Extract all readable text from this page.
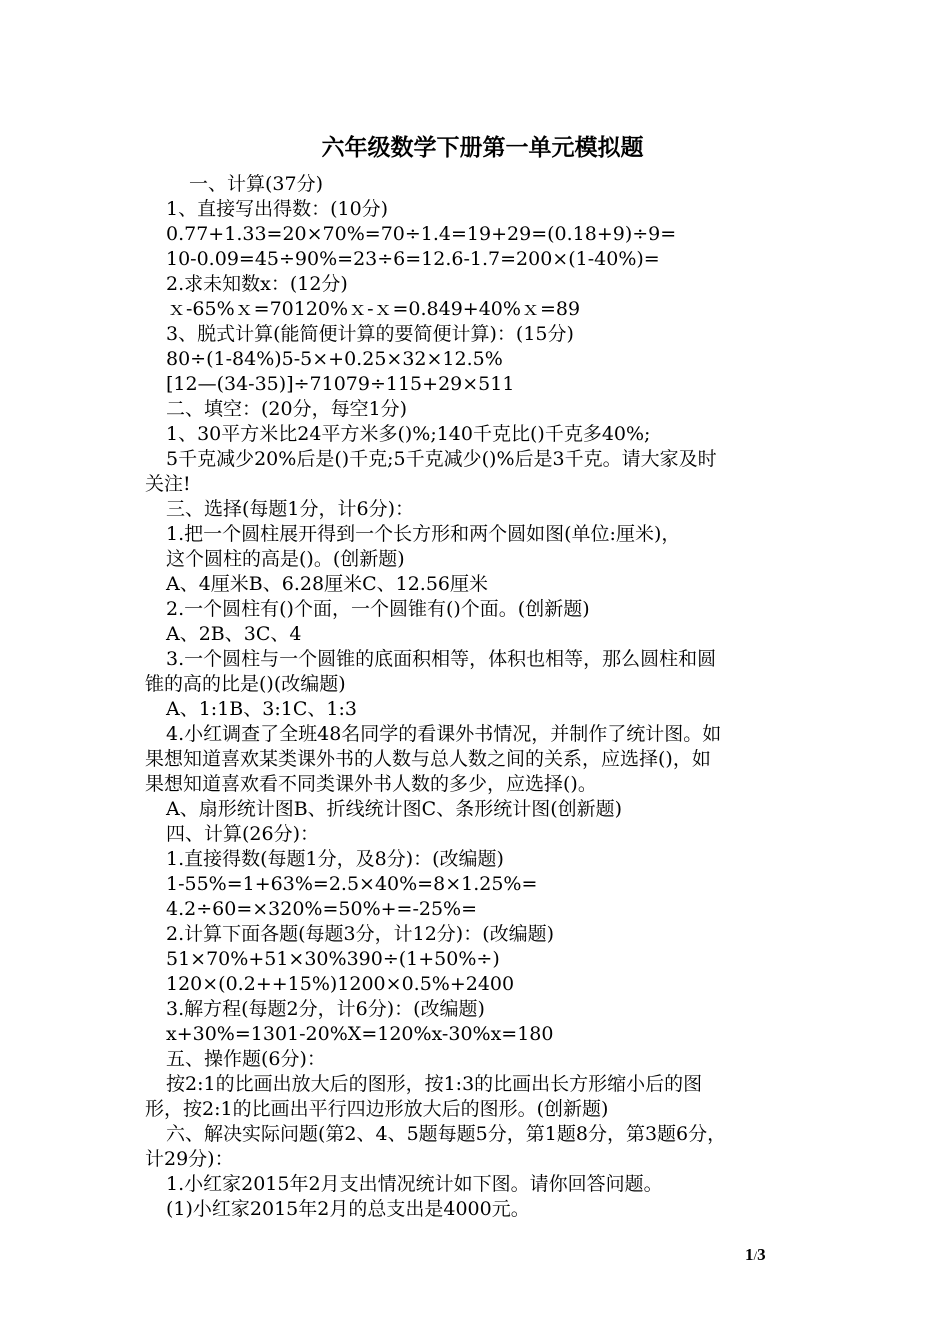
六年级数学下册第一单元模拟题

一、计算(37分)

1、直接写出得数：(10分)

0.77+1.33=20×70%=70÷1.4=19+29=(0.18+9)÷9=

10-0.09=45÷90%=23÷6=12.6-1.7=200×(1-40%)=

2.求未知数x：(12分)

ｘ-65%ｘ=70120%ｘ-ｘ=0.849+40%ｘ=89

3、脱式计算(能简便计算的要简便计算)：(15分)

80÷(1-84%)5-5×+0.25×32×12.5%

[12—(34-35)]÷71079÷115+29×511

二、填空：(20分，每空1分)

1、30平方米比24平方米多()%;140千克比()千克多40%;

5千克减少20%后是()千克;5千克减少()%后是3千克。请大家及时

关注!

三、选择(每题1分，计6分)：

1.把一个圆柱展开得到一个长方形和两个圆如图(单位:厘米)，

这个圆柱的高是()。(创新题)

A、4厘米B、6.28厘米C、12.56厘米

2.一个圆柱有()个面，一个圆锥有()个面。(创新题)

A、2B、3C、4

3.一个圆柱与一个圆锥的底面积相等，体积也相等，那么圆柱和圆

锥的高的比是()(改编题)

A、1:1B、3:1C、1:3

4.小红调查了全班48名同学的看课外书情况，并制作了统计图。如

果想知道喜欢某类课外书的人数与总人数之间的关系，应选择()，如

果想知道喜欢看不同类课外书人数的多少，应选择()。

A、扇形统计图B、折线统计图C、条形统计图(创新题)

四、计算(26分)：

1.直接得数(每题1分，及8分)：(改编题)

1-55%=1+63%=2.5×40%=8×1.25%=

4.2÷60=×320%=50%+=-25%=

2.计算下面各题(每题3分，计12分)：(改编题)

51×70%+51×30%390÷(1+50%÷)

120×(0.2++15%)1200×0.5%+2400

3.解方程(每题2分，计6分)：(改编题)

x+30%=1301-20%X=120%x-30%x=180

五、操作题(6分)：

按2:1的比画出放大后的图形，按1:3的比画出长方形缩小后的图

形，按2:1的比画出平行四边形放大后的图形。(创新题)

六、解决实际问题(第2、4、5题每题5分，第1题8分，第3题6分，

计29分)：

1.小红家2015年2月支出情况统计如下图。请你回答问题。

(1)小红家2015年2月的总支出是4000元。

1/3
